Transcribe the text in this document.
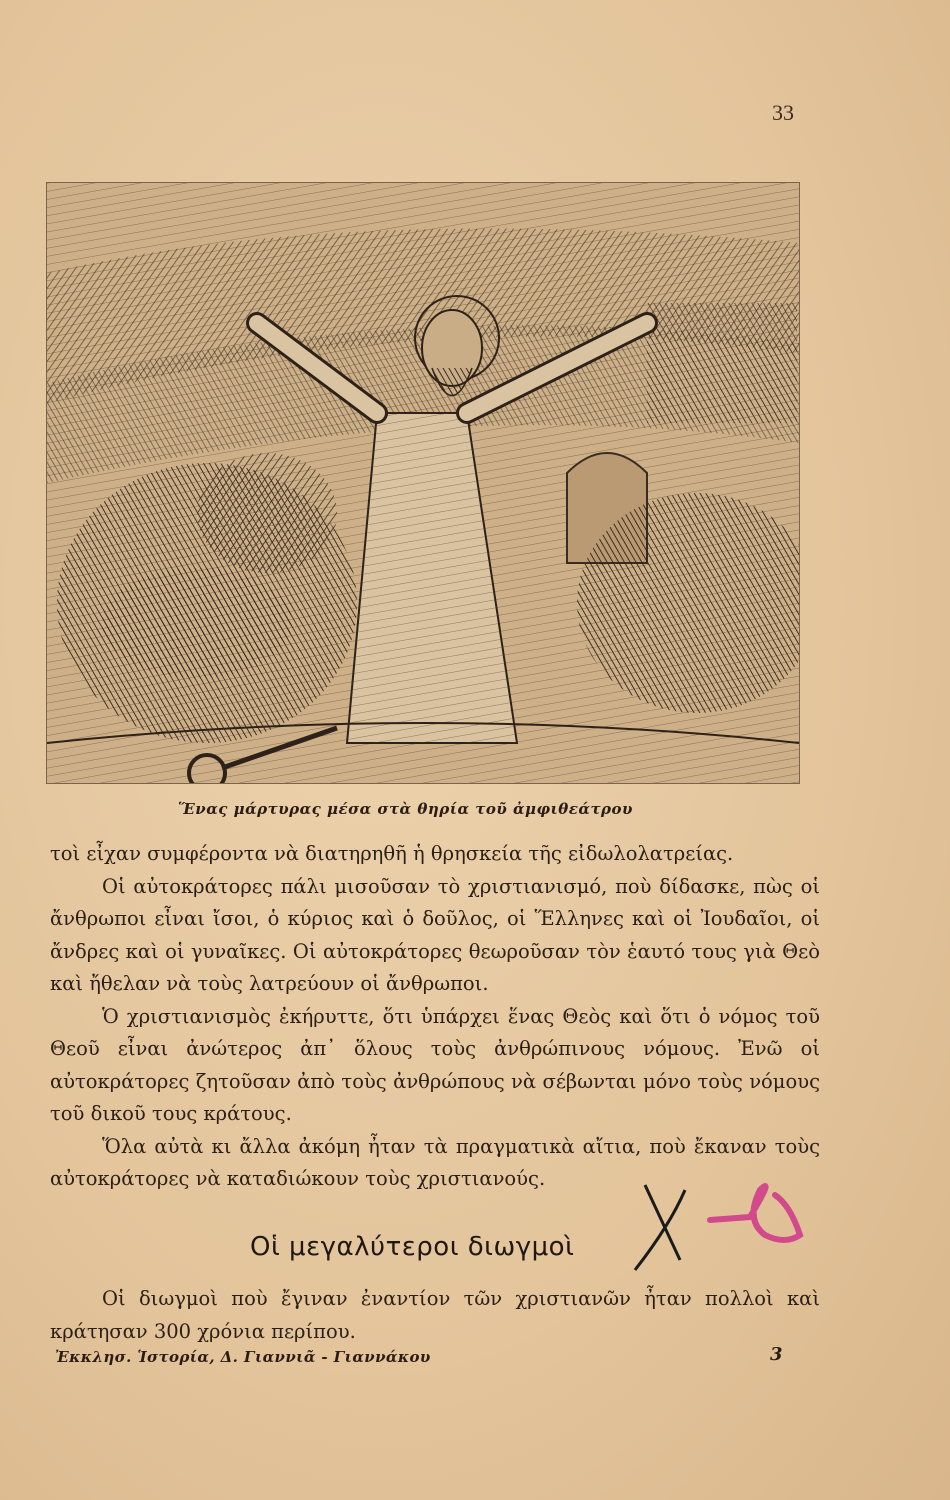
33
Ἕνας μάρτυρας μέσα στὰ θηρία τοῦ ἀμφιθεάτρου

τοὶ εἶχαν συμφέροντα νὰ διατηρηθῆ ἡ θρησκεία τῆς εἰδωλολατρείας.

Οἱ αὐτοκράτορες πάλι μισοῦσαν τὸ χριστιανισμό, ποὺ δίδασκε, πὼς οἱ ἄνθρωποι εἶναι ἴσοι, ὁ κύριος καὶ ὁ δοῦλος, οἱ Ἕλληνες καὶ οἱ Ἰουδαῖοι, οἱ ἄνδρες καὶ οἱ γυναῖκες. Οἱ αὐτοκράτορες θεωροῦσαν τὸν ἑαυτό τους γιὰ Θεὸ καὶ ἤθελαν νὰ τοὺς λατρεύουν οἱ ἄνθρωποι.

Ὁ χριστιανισμὸς ἐκήρυττε, ὅτι ὑπάρχει ἕνας Θεὸς καὶ ὅτι ὁ νόμος τοῦ Θεοῦ εἶναι ἀνώτερος ἀπ᾿ ὅλους τοὺς ἀνθρώπινους νόμους. Ἐνῶ οἱ αὐτοκράτορες ζητοῦσαν ἀπὸ τοὺς ἀνθρώπους νὰ σέβωνται μόνο τοὺς νόμους τοῦ δικοῦ τους κράτους.

Ὅλα αὐτὰ κι ἄλλα ἀκόμη ἦταν τὰ πραγματικὰ αἴτια, ποὺ ἔκαναν τοὺς αὐτοκράτορες νὰ καταδιώκουν τοὺς χριστιανούς.

Οἱ μεγαλύτεροι διωγμοὶ

Οἱ διωγμοὶ ποὺ ἔγιναν ἐναντίον τῶν χριστιανῶν ἦταν πολλοὶ καὶ κράτησαν 300 χρόνια περίπου.

Ἐκκλησ. Ἱστορία, Δ. Γιαννιᾶ - Γιαννάκου	3
